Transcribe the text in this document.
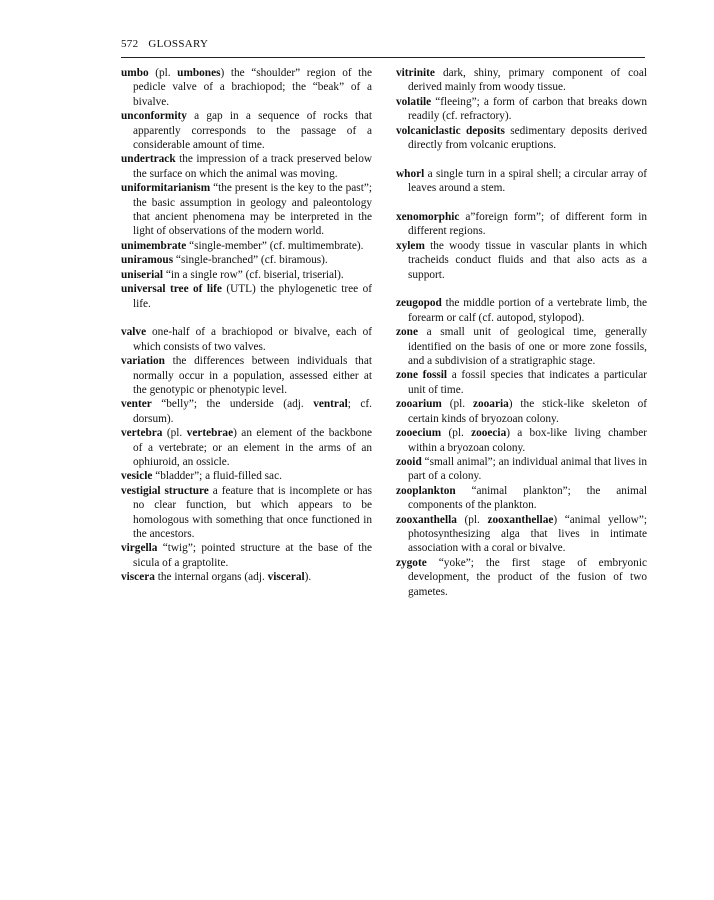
572 GLOSSARY

umbo (pl. umbones) the “shoulder” region of the pedicle valve of a brachiopod; the “beak” of a bivalve.

unconformity a gap in a sequence of rocks that apparently corresponds to the passage of a considerable amount of time.

undertrack the impression of a track preserved below the surface on which the animal was moving.

uniformitarianism “the present is the key to the past”; the basic assumption in geology and paleontology that ancient phenomena may be interpreted in the light of observations of the modern world.

unimembrate “single-member” (cf. multimembrate).

uniramous “single-branched” (cf. biramous).

uniserial “in a single row” (cf. biserial, triserial).

universal tree of life (UTL) the phylogenetic tree of life.

valve one-half of a brachiopod or bivalve, each of which consists of two valves.

variation the differences between individuals that normally occur in a population, assessed either at the genotypic or phenotypic level.

venter “belly”; the underside (adj. ventral; cf. dorsum).

vertebra (pl. vertebrae) an element of the backbone of a vertebrate; or an element in the arms of an ophiuroid, an ossicle.

vesicle “bladder”; a fluid-filled sac.

vestigial structure a feature that is incomplete or has no clear function, but which appears to be homologous with something that once functioned in the ancestors.

virgella “twig”; pointed structure at the base of the sicula of a graptolite.

viscera the internal organs (adj. visceral).

vitrinite dark, shiny, primary component of coal derived mainly from woody tissue.

volatile “fleeing”; a form of carbon that breaks down readily (cf. refractory).

volcaniclastic deposits sedimentary deposits derived directly from volcanic eruptions.

whorl a single turn in a spiral shell; a circular array of leaves around a stem.

xenomorphic a”foreign form”; of different form in different regions.

xylem the woody tissue in vascular plants in which tracheids conduct fluids and that also acts as a support.

zeugopod the middle portion of a vertebrate limb, the forearm or calf (cf. autopod, stylopod).

zone a small unit of geological time, generally identified on the basis of one or more zone fossils, and a subdivision of a stratigraphic stage.

zone fossil a fossil species that indicates a particular unit of time.

zooarium (pl. zooaria) the stick-like skeleton of certain kinds of bryozoan colony.

zooecium (pl. zooecia) a box-like living chamber within a bryozoan colony.

zooid “small animal”; an individual animal that lives in part of a colony.

zooplankton “animal plankton”; the animal components of the plankton.

zooxanthella (pl. zooxanthellae) “animal yellow”; photosynthesizing alga that lives in intimate association with a coral or bivalve.

zygote “yoke”; the first stage of embryonic development, the product of the fusion of two gametes.
